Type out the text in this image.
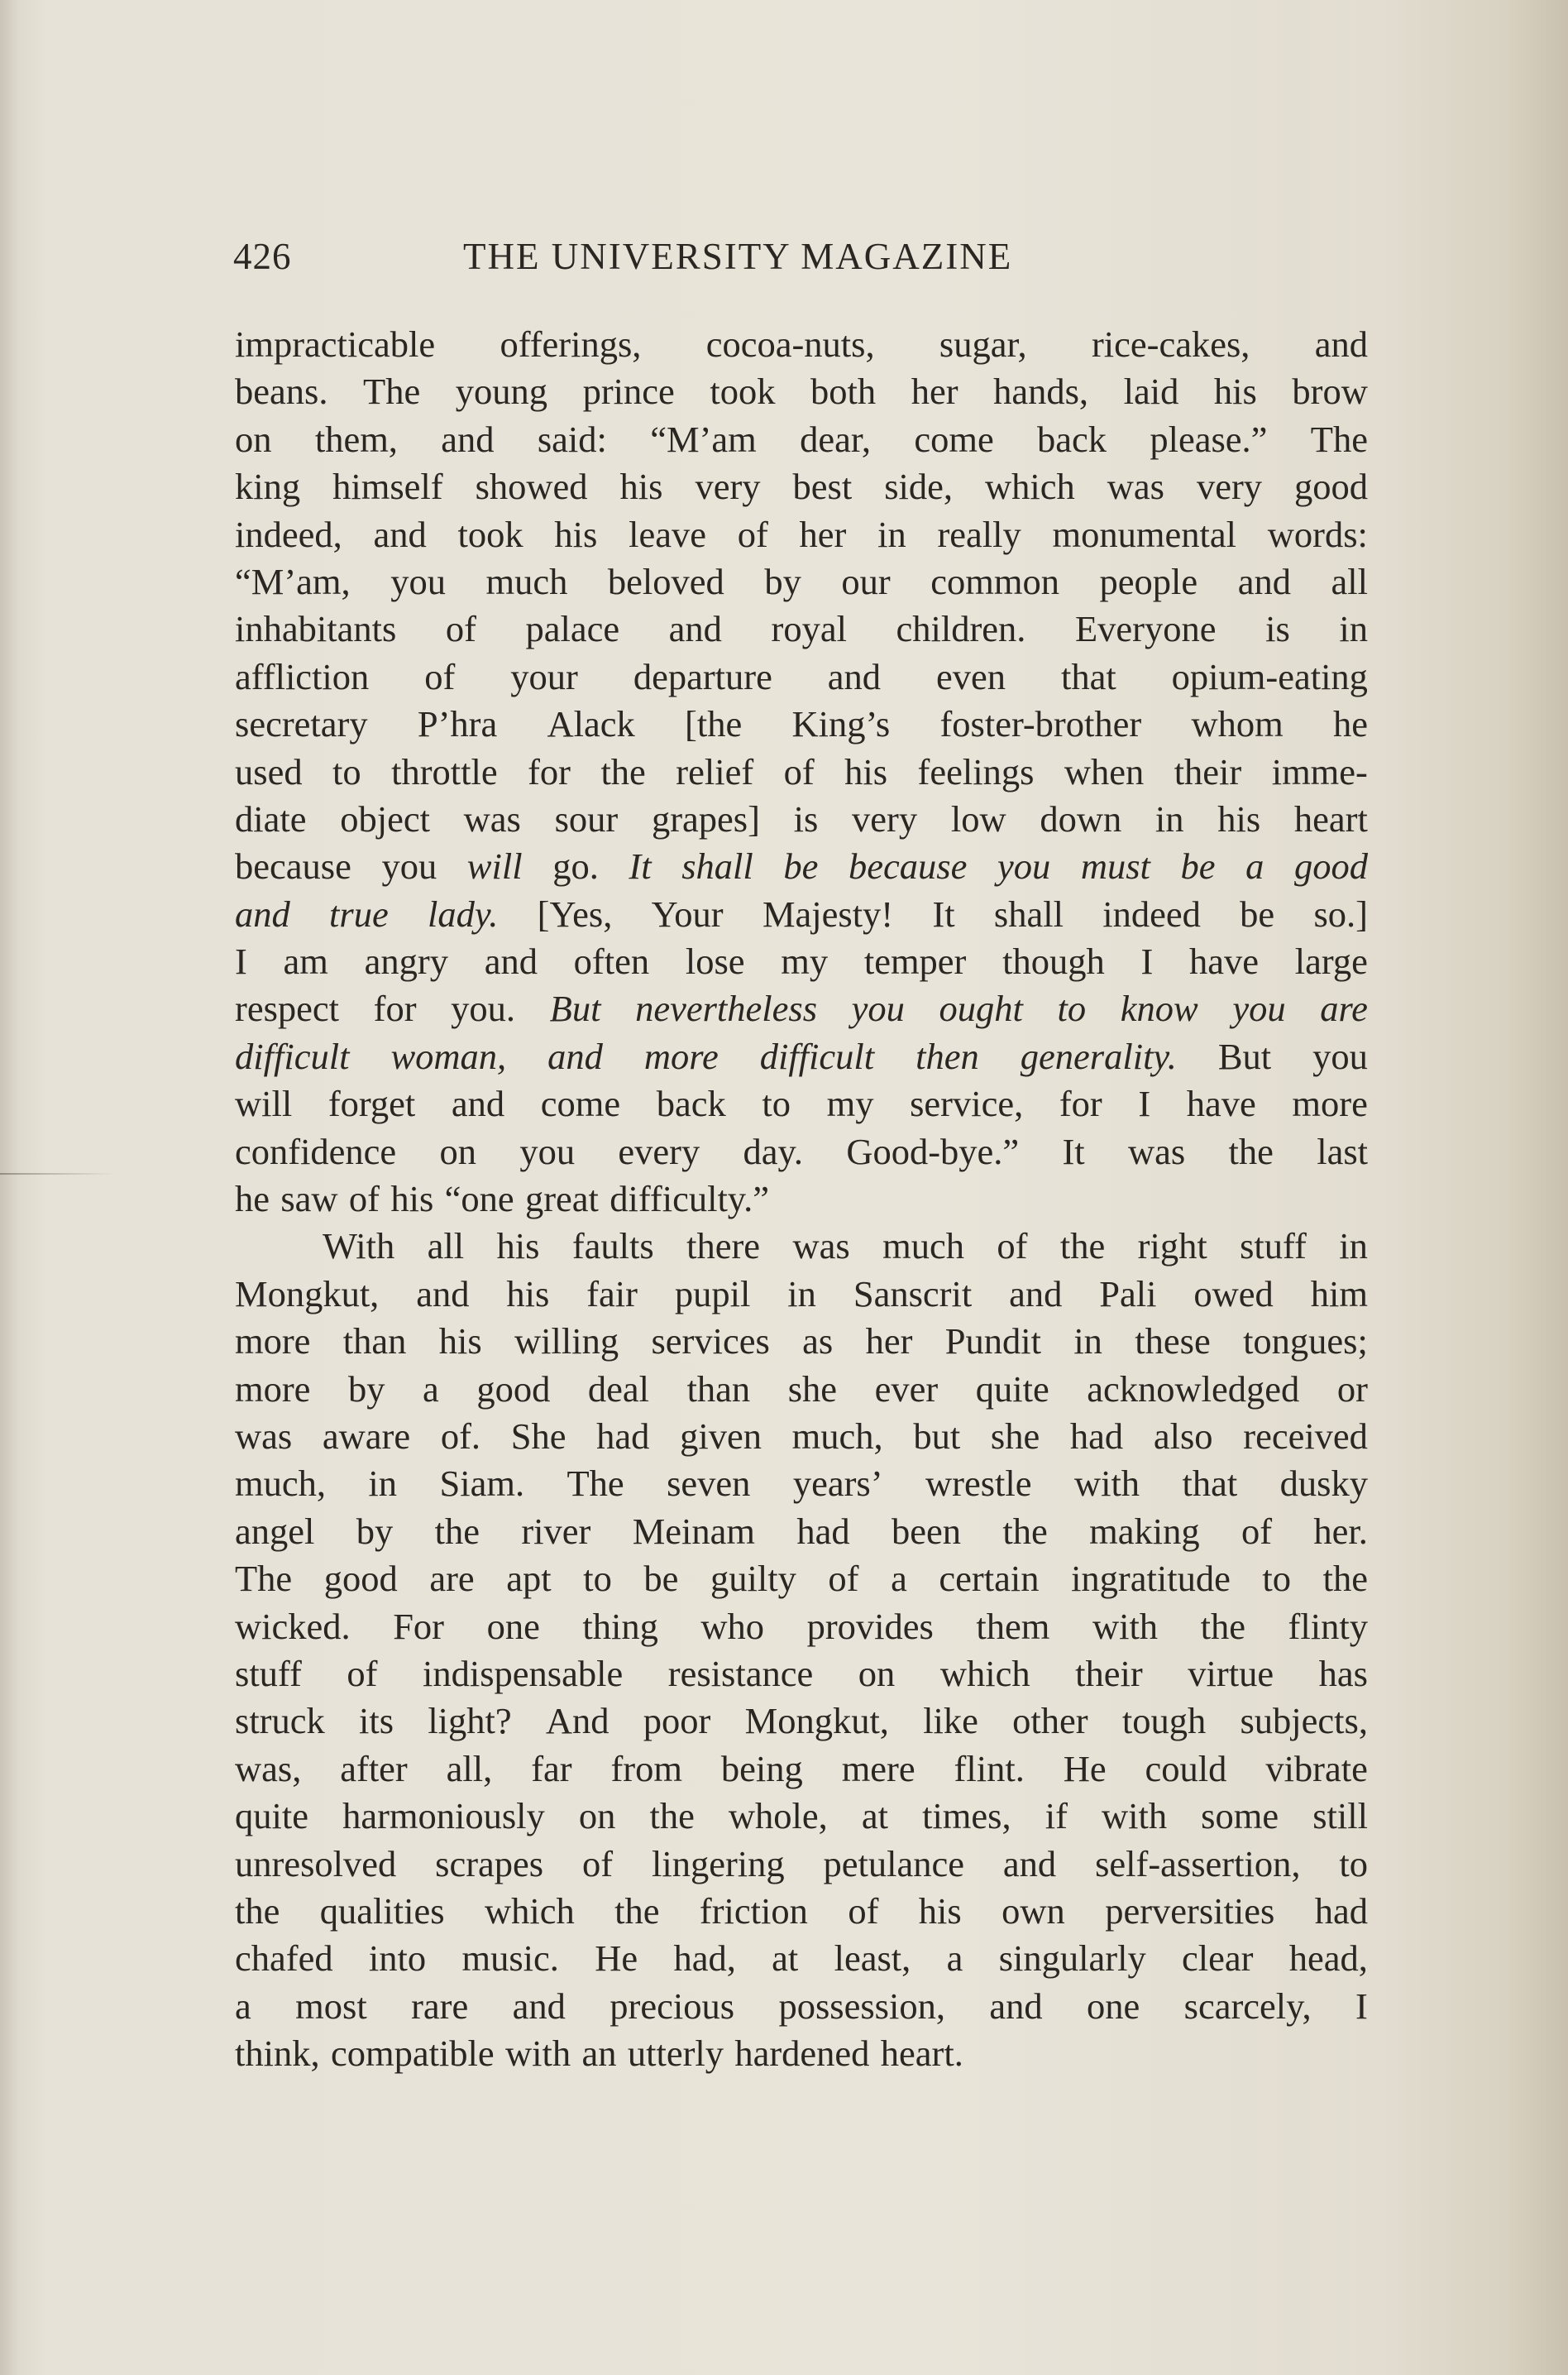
426	THE UNIVERSITY MAGAZINE
impracticable offerings, cocoa-nuts, sugar, rice-cakes, and
beans. The young prince took both her hands, laid his brow
on them, and said: “M’am dear, come back please.” The
king himself showed his very best side, which was very good
indeed, and took his leave of her in really monumental words:
“M’am, you much beloved by our common people and all
inhabitants of palace and royal children. Everyone is in
affliction of your departure and even that opium-eating
secretary P’hra Alack [the King’s foster-brother whom he
used to throttle for the relief of his feelings when their imme-
diate object was sour grapes] is very low down in his heart
because you will go. It shall be because you must be a good
and true lady. [Yes, Your Majesty! It shall indeed be so.]
I am angry and often lose my temper though I have large
respect for you. But nevertheless you ought to know you are
difficult woman, and more difficult then generality. But you
will forget and come back to my service, for I have more
confidence on you every day. Good-bye.” It was the last
he saw of his “one great difficulty.”
With all his faults there was much of the right stuff in
Mongkut, and his fair pupil in Sanscrit and Pali owed him
more than his willing services as her Pundit in these tongues;
more by a good deal than she ever quite acknowledged or
was aware of. She had given much, but she had also received
much, in Siam. The seven years’ wrestle with that dusky
angel by the river Meinam had been the making of her.
The good are apt to be guilty of a certain ingratitude to the
wicked. For one thing who provides them with the flinty
stuff of indispensable resistance on which their virtue has
struck its light? And poor Mongkut, like other tough subjects,
was, after all, far from being mere flint. He could vibrate
quite harmoniously on the whole, at times, if with some still
unresolved scrapes of lingering petulance and self-assertion, to
the qualities which the friction of his own perversities had
chafed into music. He had, at least, a singularly clear head,
a most rare and precious possession, and one scarcely, I
think, compatible with an utterly hardened heart.
